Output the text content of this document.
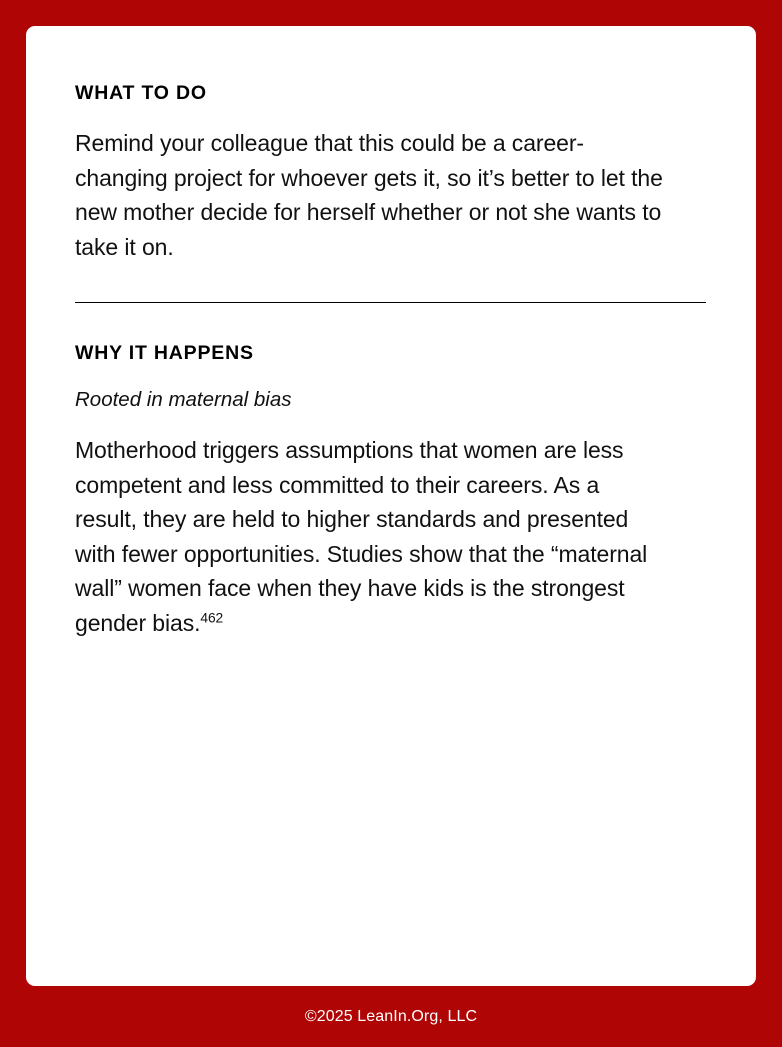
WHAT TO DO

Remind your colleague that this could be a career-changing project for whoever gets it, so it’s better to let the new mother decide for herself whether or not she wants to take it on.

WHY IT HAPPENS

Rooted in maternal bias

Motherhood triggers assumptions that women are less competent and less committed to their careers. As a result, they are held to higher standards and presented with fewer opportunities. Studies show that the “maternal wall” women face when they have kids is the strongest gender bias.$^{462}$

©2025 LeanIn.Org, LLC
